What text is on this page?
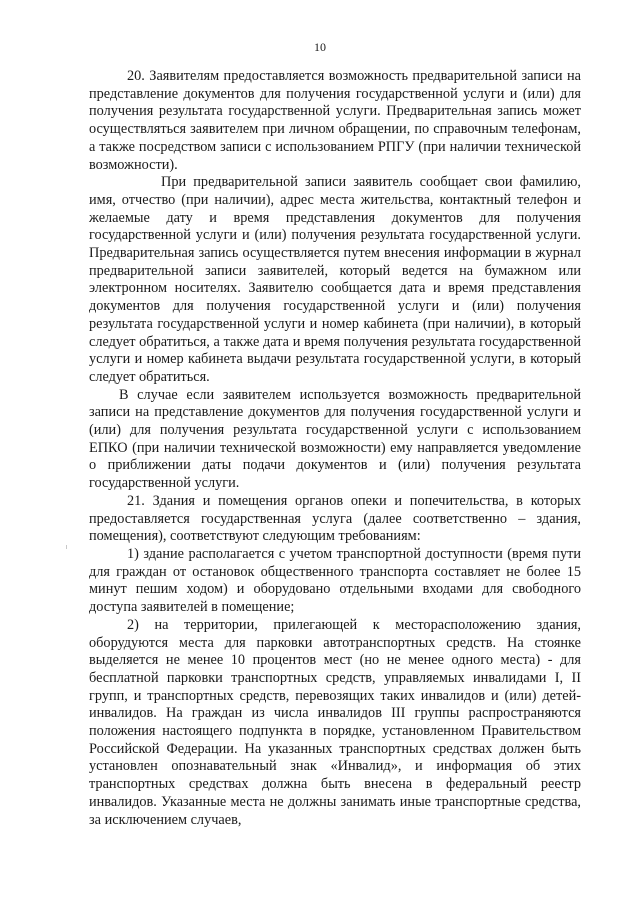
10

20. Заявителям предоставляется возможность предварительной записи на представление документов для получения государственной услуги и (или) для получения результата государственной услуги. Предварительная запись может осуществляться заявителем при личном обращении, по справочным телефонам, а также посредством записи с использованием РПГУ (при наличии технической возможности).

При предварительной записи заявитель сообщает свои фамилию, имя, отчество (при наличии), адрес места жительства, контактный телефон и желаемые дату и время представления документов для получения государственной услуги и (или) получения результата государственной услуги. Предварительная запись осуществляется путем внесения информации в журнал предварительной записи заявителей, который ведется на бумажном или электронном носителях. Заявителю сообщается дата и время представления документов для получения государственной услуги и (или) получения результата государственной услуги и номер кабинета (при наличии), в который следует обратиться, а также дата и время получения результата государственной услуги и номер кабинета выдачи результата государственной услуги, в который следует обратиться.

В случае если заявителем используется возможность предварительной записи на представление документов для получения государственной услуги и (или) для получения результата государственной услуги с использованием ЕПКО (при наличии технической возможности) ему направляется уведомление о приближении даты подачи документов и (или) получения результата государственной услуги.

21. Здания и помещения органов опеки и попечительства, в которых предоставляется государственная услуга (далее соответственно – здания, помещения), соответствуют следующим требованиям:

1) здание располагается с учетом транспортной доступности (время пути для граждан от остановок общественного транспорта составляет не более 15 минут пешим ходом) и оборудовано отдельными входами для свободного доступа заявителей в помещение;

2) на территории, прилегающей к месторасположению здания, оборудуются места для парковки автотранспортных средств. На стоянке выделяется не менее 10 процентов мест (но не менее одного места) - для бесплатной парковки транспортных средств, управляемых инвалидами I, II групп, и транспортных средств, перевозящих таких инвалидов и (или) детей-инвалидов. На граждан из числа инвалидов III группы распространяются положения настоящего подпункта в порядке, установленном Правительством Российской Федерации. На указанных транспортных средствах должен быть установлен опознавательный знак «Инвалид», и информация об этих транспортных средствах должна быть внесена в федеральный реестр инвалидов. Указанные места не должны занимать иные транспортные средства, за исключением случаев,
